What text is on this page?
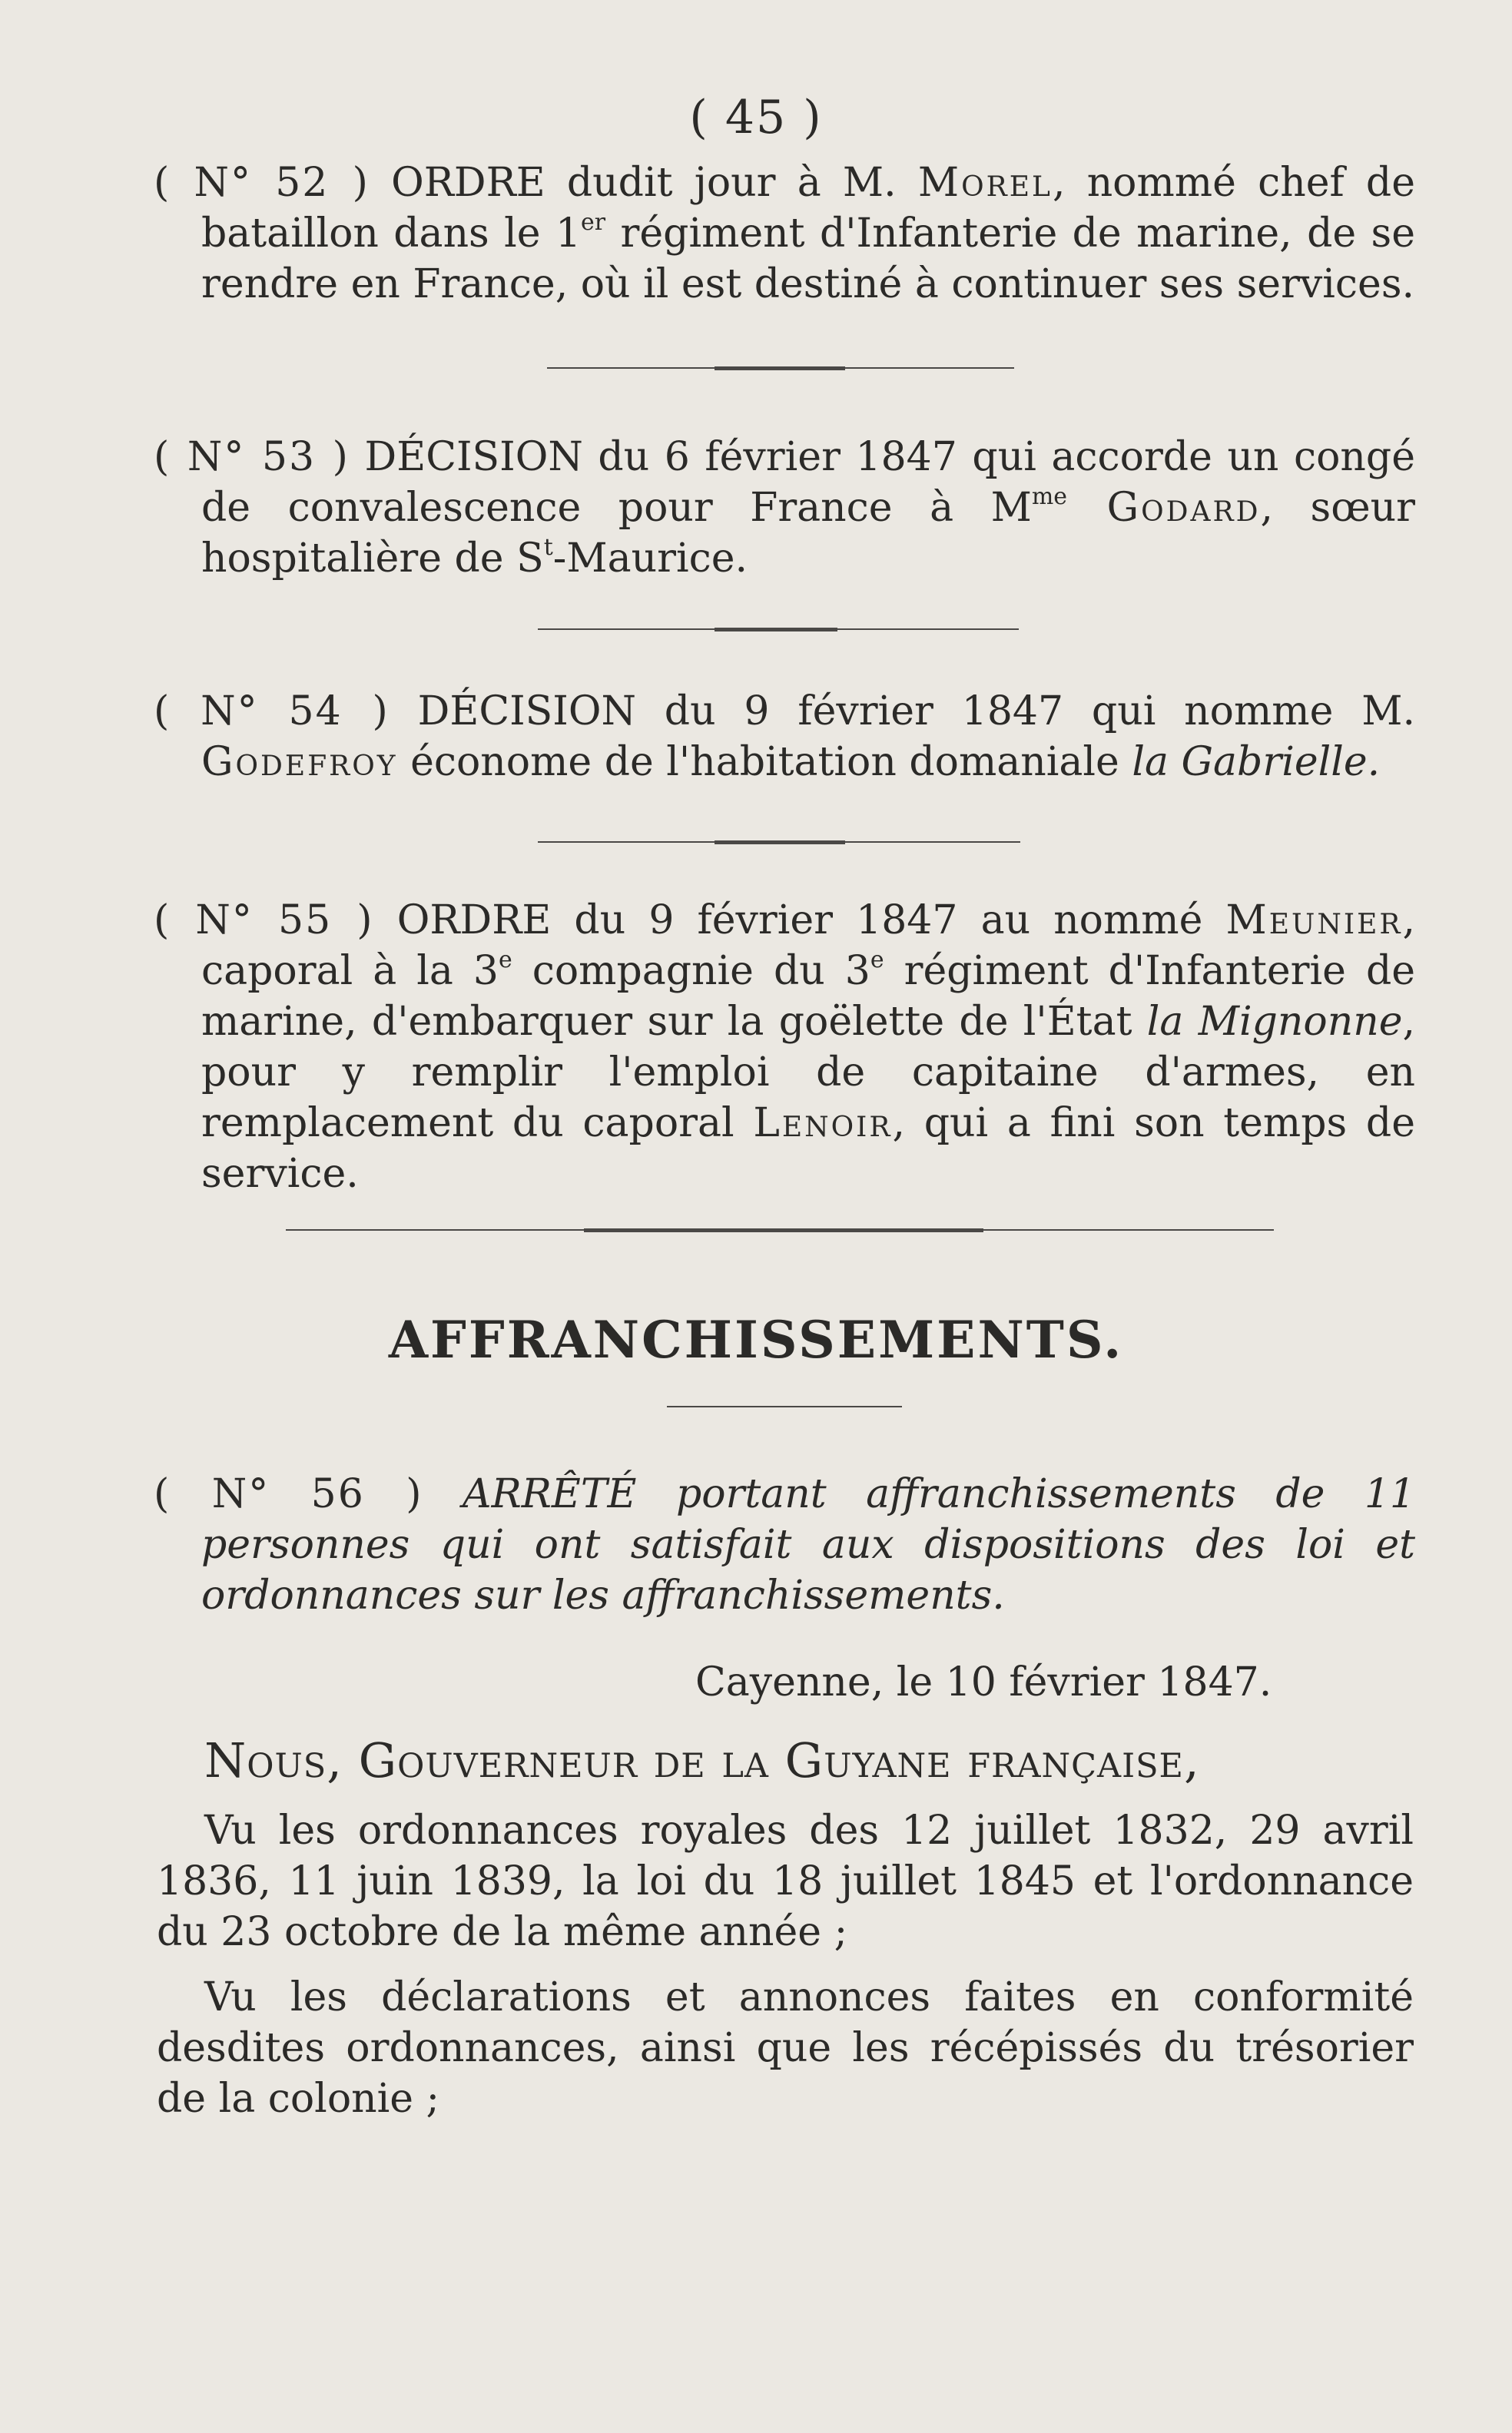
( 45 )

( N° 52 ) ORDRE dudit jour à M. Morel, nommé chef de bataillon dans le 1er régiment d'Infanterie de marine, de se rendre en France, où il est destiné à continuer ses services.

( N° 53 ) DÉCISION du 6 février 1847 qui accorde un congé de convalescence pour France à $M^{me}$ Godard, sœur hospitalière de $S^t$-Maurice.

( N° 54 ) DÉCISION du 9 février 1847 qui nomme M. Godefroy économe de l'habitation domaniale la Gabrielle.

( N° 55 ) ORDRE du 9 février 1847 au nommé Meunier, caporal à la 3e compagnie du 3e régiment d'Infanterie de marine, d'embarquer sur la goëlette de l'État la Mignonne, pour y remplir l'emploi de capitaine d'armes, en remplacement du caporal Lenoir, qui a fini son temps de service.

AFFRANCHISSEMENTS.

( N° 56 ) ARRÊTÉ portant affranchissements de 11 personnes qui ont satisfait aux dispositions des loi et ordonnances sur les affranchissements.

Cayenne, le 10 février 1847.
Nous, Gouverneur de la Guyane française,

Vu les ordonnances royales des 12 juillet 1832, 29 avril 1836, 11 juin 1839, la loi du 18 juillet 1845 et l'ordonnance du 23 octobre de la même année ;

Vu les déclarations et annonces faites en conformité desdites ordonnances, ainsi que les récépissés du trésorier de la colonie ;
